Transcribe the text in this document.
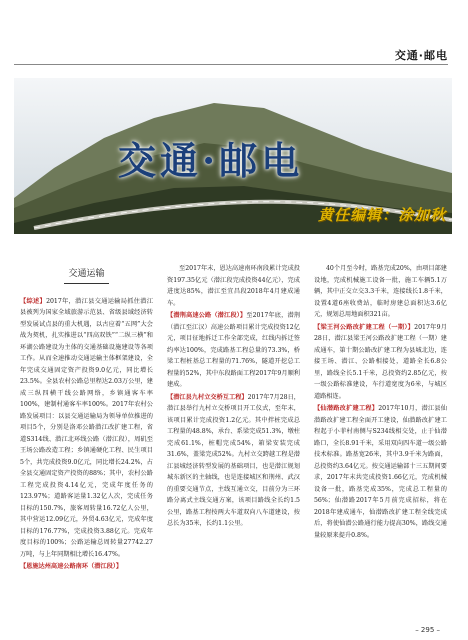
交通·邮电
交通·邮电
黄任编辑：涂加秋
交通运输

【综述】2017年，潜江县交通运输局抓住潜江县被列为国家全域旅游示范县、省级县域经济转型发展试点县的重大机遇，以古应着“五网”大会战为契机，扎实推进以“四高双铁”“二纵三横”和环湖公路建设为主体的交通基础设施建设等各项工作。从而全速推动交通运输主体框架建设，全年完成交通固定资产投资9.0亿元，同比增长23.5%。全县农村公路总里程达2.03万公里，建成三纵四横干线公路网络，乡镇通客车率100%，建制村通客车率100%。2017年农村公路发展项目：以县交通运输局为领导单位推进的项目5个，分别是洛邓公路潜江改扩建工程，省道S314线、潜江北环线公路（潜江段），周矶至王场公路改造工程；乡镇通硬化工程、民生项目5个，共完成投资9.0亿元，同比增长24.2%，占全县交通固定资产投资的88%；其中，农村公路工程完成投资4.14亿元，完成年度任务的123.97%；道路客运量1.32亿人次，完成任务目标的150.7%，旅客周转量16.72亿人公里，其中营运12.09亿元，外贸4.63亿元，完成年度目标的176.77%，完成投资3.88亿元。完成年度目标的100%；公路运输总周转量27742.27万吨，与上年同期相比增长16.47%。

【恩施达州高速公路南环（潜江段）】

至2017年末，恩达高速南环南段累计完成投资197.35亿元（潜江段完成投资44亿元），完成进度达85%，潜江至宜昌段2018年4月建成通车。

【潜荆高速公路（潜江段）】至2017年底，潜荆（潜江至江汉）高速公路项目累计完成投资12亿元，项目征地拆迁工作全部完成，红线内拆迁签约率达100%，完成路基工程总量的73.3%，桥梁工程桩基总工程量的71.76%，隧道开挖总工程量的52%，其中东段路面工程2017年9月顺利建成。

【潜江县九村立交桥互工程】2017年7月28日，潜江县举行九村立交桥项目开工仪式，至年末，该项目累计完成投资1.2亿元。其中拌桩完成总工程量的48.8%，承台、系梁完成51.3%，墩柱完成61.1%，桩帽完成54%，箱梁安装完成31.6%，盖梁完成52%。九村立交跨越工程是潜江县城经济转型发展的基础项目，也是潜江规划城东新区的主轴线，也是连接城区和荆州、武汉的重要交通节点，主线互通立交，目前分为三环路分离式主线交通方案，该项目路线全长约1.5公里，路基工程按两大车道双向八车道建设，按总长为35米，长约1.1公里。

40个月至今时，路基完成20%，由项目部建设地，完成机械施工设备一批，施工车辆5.1万辆，其中正交立交3.3千米，连接线长1.8千米，设置4道6座收费站，临时房建总面积达3.6亿元，规划总用地面积321亩。

【梁王河公路改扩建工程（一期）】2017年9月28日，潜江县梁王河公路改扩建工程（一期）建成通车，第十期公路改扩建工程为县城北边，连接王场、潜江、公路相接处，道路全长6.8公里，路线全长5.1千米，总投资约2.85亿元，按一级公路标准建设，车行道宽度为6米，与城区道路相连。

【仙潜路改扩建工程】2017年10月，潜江县仙潜路改扩建工程全面开工建设，仙潜路改扩建工程起于小菲村南侧与S234线相交处，止于仙潜路口，全长8.91千米，采用双向四车道一级公路技术标准。路基宽26米，其中3.9千米为路面，总投资约3.64亿元。按交通运输部十三五期间要求，2017年末共完成投资1.66亿元，完成机械设备一批，路基完成35%，完成总工程量的56%；仙潜路2017年5月前完成招标，将在2018年建成通车，仙潜路改扩建工程全线完成后，将使仙潜公路通行能力提高30%，路线交通量较原来提升0.8%。

– 295 –
